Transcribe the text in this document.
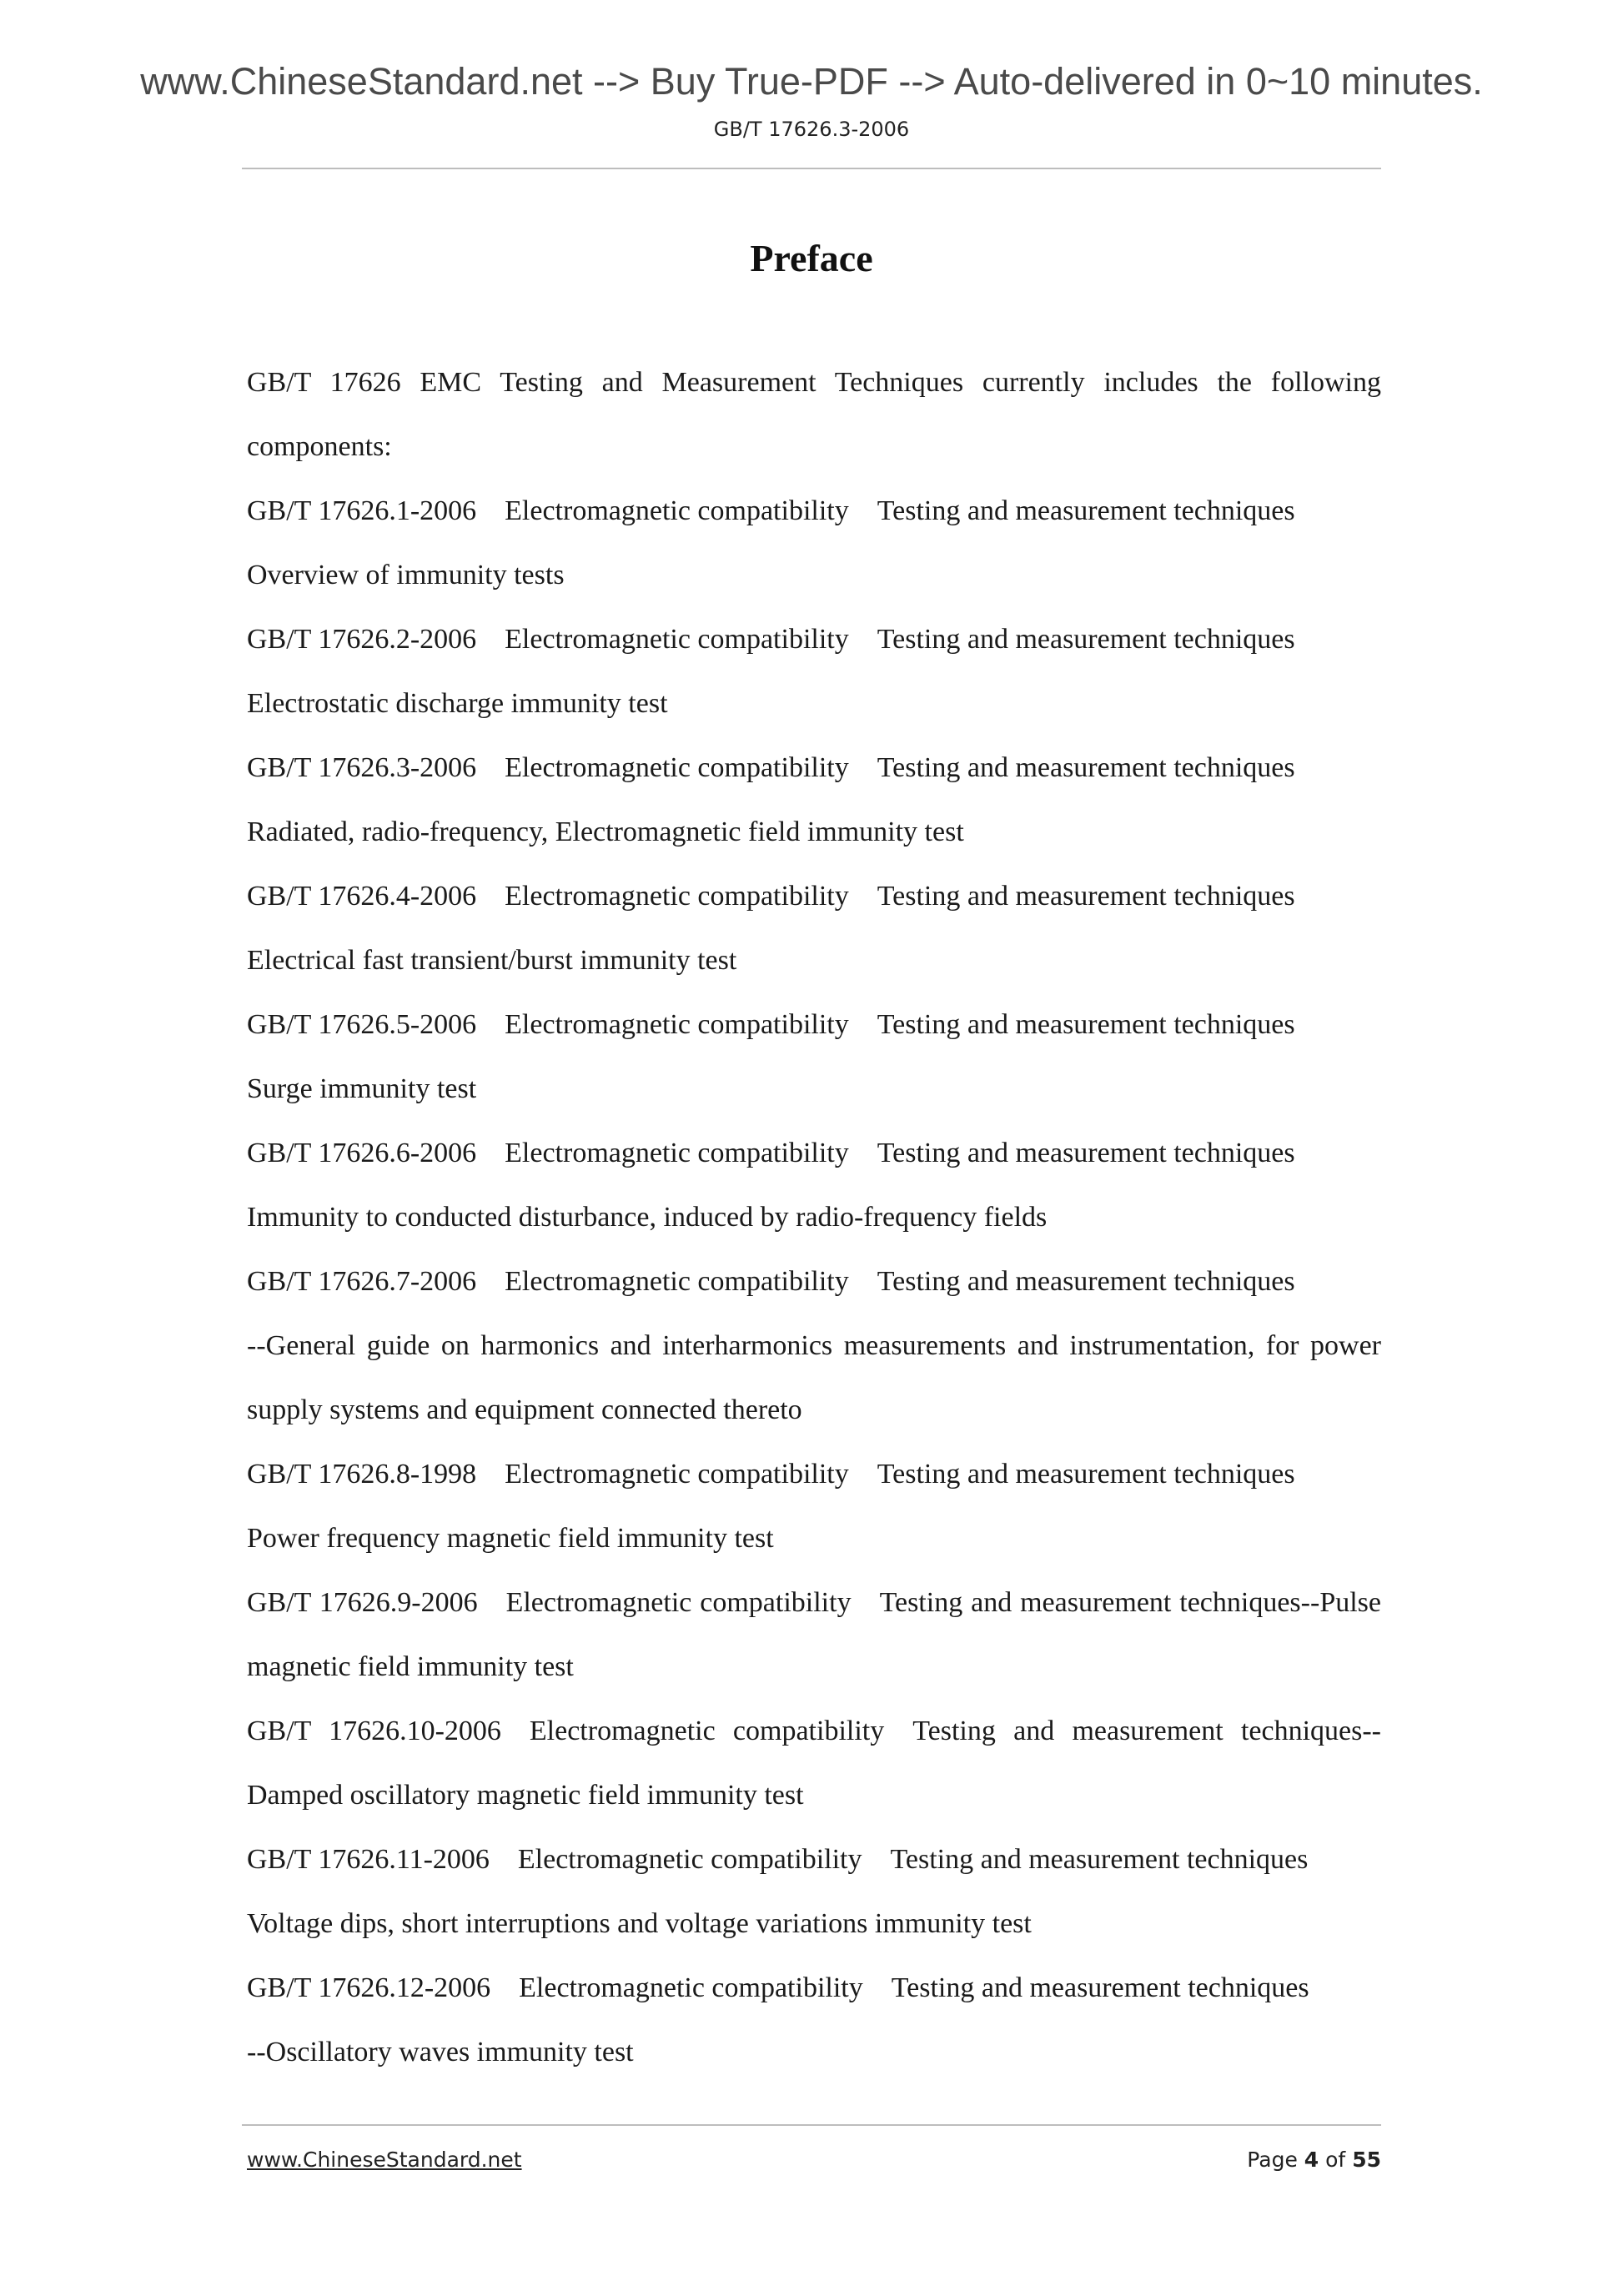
www.ChineseStandard.net --> Buy True-PDF --> Auto-delivered in 0~10 minutes.
GB/T 17626.3-2006
Preface

GB/T 17626 EMC Testing and Measurement Techniques currently includes the following components:

GB/T 17626.1-2006 Electromagnetic compatibility Testing and measurement techniques
Overview of immunity tests

GB/T 17626.2-2006 Electromagnetic compatibility Testing and measurement techniques
Electrostatic discharge immunity test

GB/T 17626.3-2006 Electromagnetic compatibility Testing and measurement techniques
Radiated, radio-frequency, Electromagnetic field immunity test

GB/T 17626.4-2006 Electromagnetic compatibility Testing and measurement techniques
Electrical fast transient/burst immunity test

GB/T 17626.5-2006 Electromagnetic compatibility Testing and measurement techniques
Surge immunity test

GB/T 17626.6-2006 Electromagnetic compatibility Testing and measurement techniques
Immunity to conducted disturbance, induced by radio-frequency fields

GB/T 17626.7-2006 Electromagnetic compatibility Testing and measurement techniques
--General guide on harmonics and interharmonics measurements and instrumentation, for power supply systems and equipment connected thereto

GB/T 17626.8-1998 Electromagnetic compatibility Testing and measurement techniques
Power frequency magnetic field immunity test

GB/T 17626.9-2006 Electromagnetic compatibility Testing and measurement techniques--Pulse magnetic field immunity test

GB/T 17626.10-2006 Electromagnetic compatibility Testing and measurement techniques--Damped oscillatory magnetic field immunity test

GB/T 17626.11-2006 Electromagnetic compatibility Testing and measurement techniques
Voltage dips, short interruptions and voltage variations immunity test

GB/T 17626.12-2006 Electromagnetic compatibility Testing and measurement techniques
--Oscillatory waves immunity test

www.ChineseStandard.net	Page 4 of 55
